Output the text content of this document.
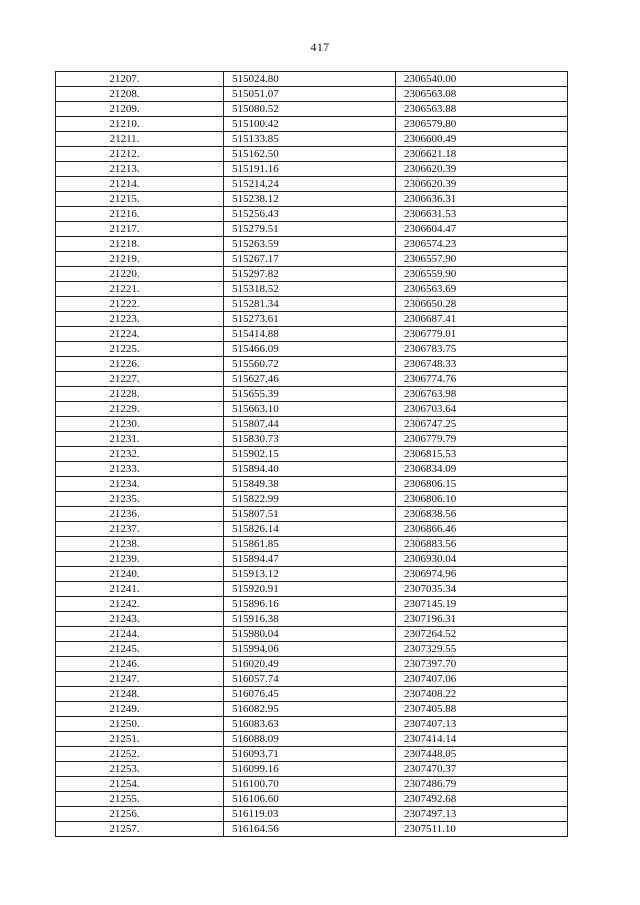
417
21207.	515024.80	2306540.00
21208.	515051.07	2306563.08
21209.	515080.52	2306563.88
21210.	515100.42	2306579.80
21211.	515133.85	2306600.49
21212.	515162.50	2306621.18
21213.	515191.16	2306620.39
21214.	515214.24	2306620.39
21215.	515238.12	2306636.31
21216.	515256.43	2306631.53
21217.	515279.51	2306604.47
21218.	515263.59	2306574.23
21219.	515267.17	2306557.90
21220.	515297.82	2306559.90
21221.	515318.52	2306563.69
21222.	515281.34	2306650.28
21223.	515273.61	2306687.41
21224.	515414.88	2306779.01
21225.	515466.09	2306783.75
21226.	515560.72	2306748.33
21227.	515627.46	2306774.76
21228.	515655.39	2306763.98
21229.	515663.10	2306703.64
21230.	515807.44	2306747.25
21231.	515830.73	2306779.79
21232.	515902.15	2306815.53
21233.	515894.40	2306834.09
21234.	515849.38	2306806.15
21235.	515822.99	2306806.10
21236.	515807.51	2306838.56
21237.	515826.14	2306866.46
21238.	515861.85	2306883.56
21239.	515894.47	2306930.04
21240.	515913.12	2306974.96
21241.	515920.91	2307035.34
21242.	515896.16	2307145.19
21243.	515916.38	2307196.31
21244.	515980.04	2307264.52
21245.	515994.06	2307329.55
21246.	516020.49	2307397.70
21247.	516057.74	2307407.06
21248.	516076.45	2307408.22
21249.	516082.95	2307405.88
21250.	516083.63	2307407.13
21251.	516088.09	2307414.14
21252.	516093.71	2307448.05
21253.	516099.16	2307470.37
21254.	516100.70	2307486.79
21255.	516106.60	2307492.68
21256.	516119.03	2307497.13
21257.	516164.56	2307511.10
